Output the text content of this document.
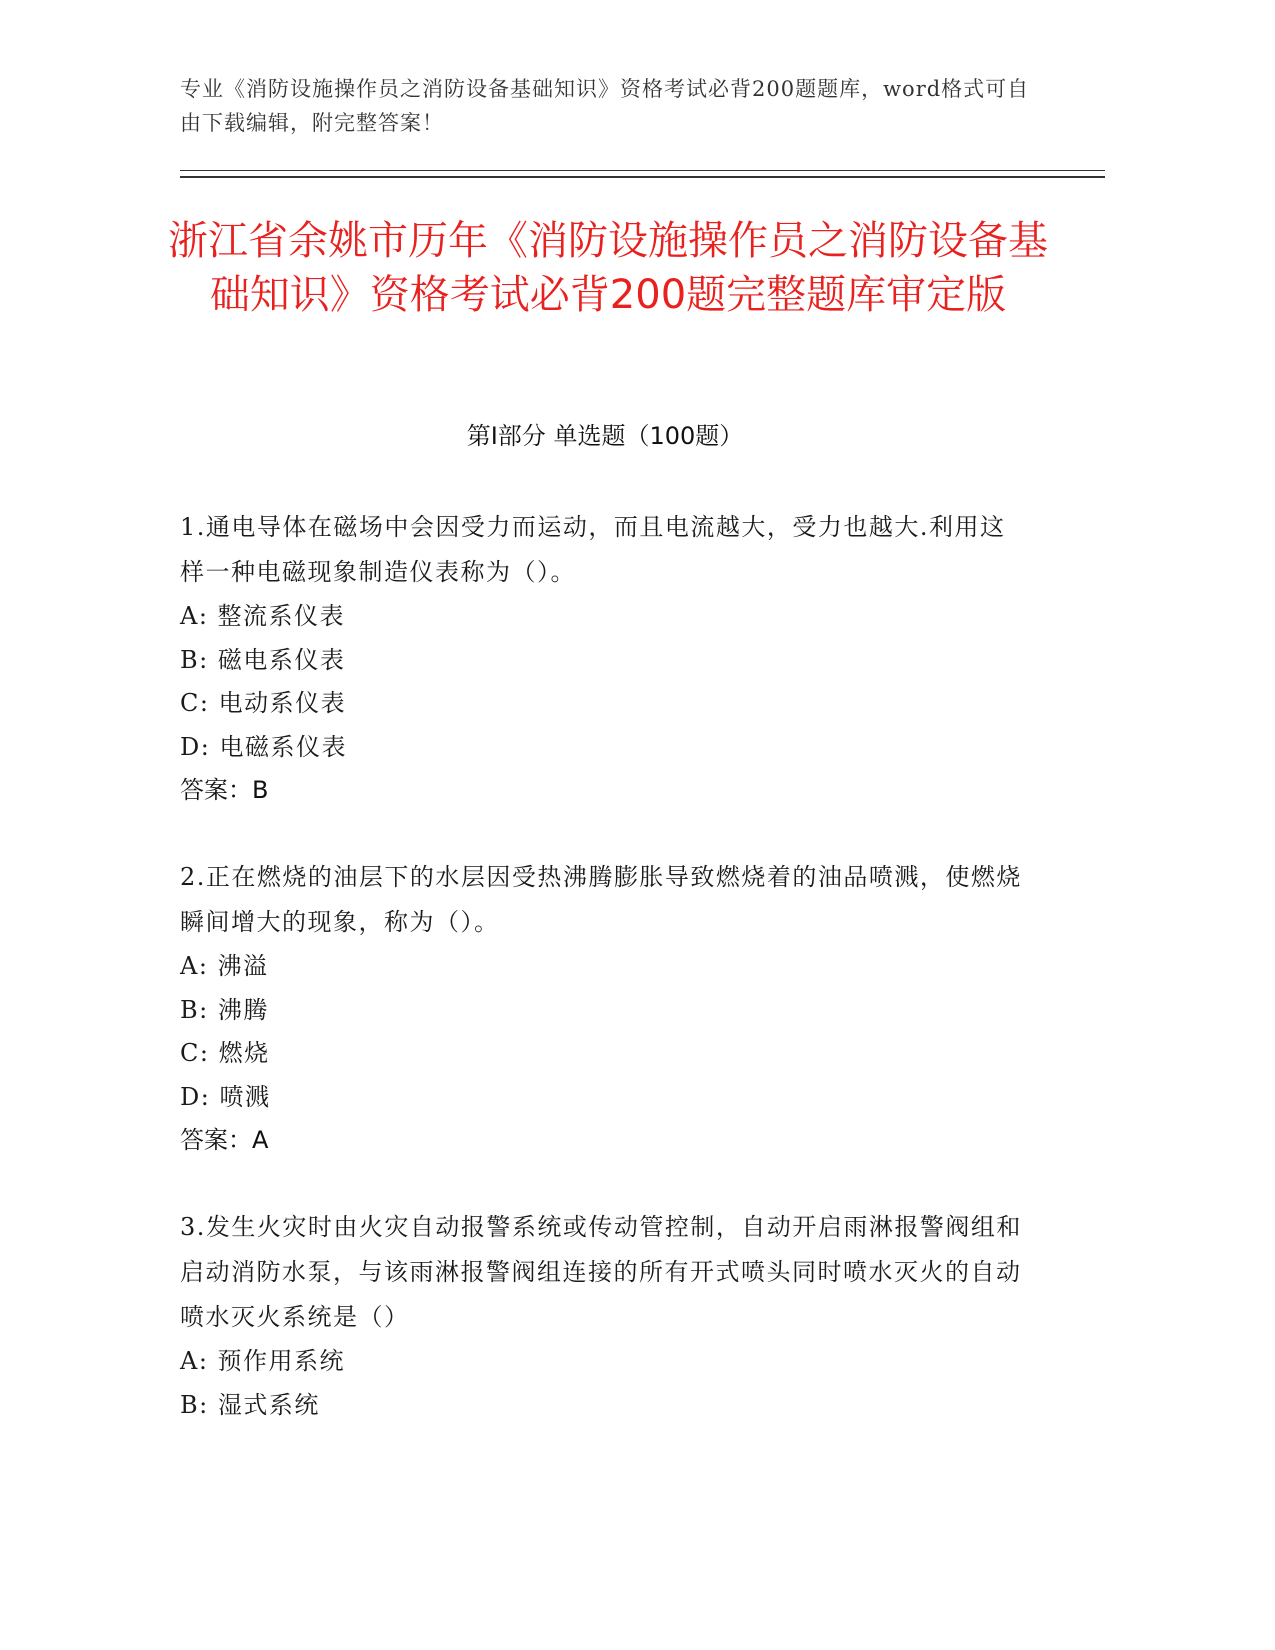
专业《消防设施操作员之消防设备基础知识》资格考试必背200题题库，word格式可自由下载编辑，附完整答案！
浙江省余姚市历年《消防设施操作员之消防设备基础知识》资格考试必背200题完整题库审定版
第Ⅰ部分 单选题（100题）
1.通电导体在磁场中会因受力而运动，而且电流越大，受力也越大.利用这样一种电磁现象制造仪表称为（）。
A: 整流系仪表
B: 磁电系仪表
C: 电动系仪表
D: 电磁系仪表
答案：B
2.正在燃烧的油层下的水层因受热沸腾膨胀导致燃烧着的油品喷溅，使燃烧瞬间增大的现象，称为（）。
A: 沸溢
B: 沸腾
C: 燃烧
D: 喷溅
答案：A
3.发生火灾时由火灾自动报警系统或传动管控制，自动开启雨淋报警阀组和启动消防水泵，与该雨淋报警阀组连接的所有开式喷头同时喷水灭火的自动喷水灭火系统是（）
A: 预作用系统
B: 湿式系统
